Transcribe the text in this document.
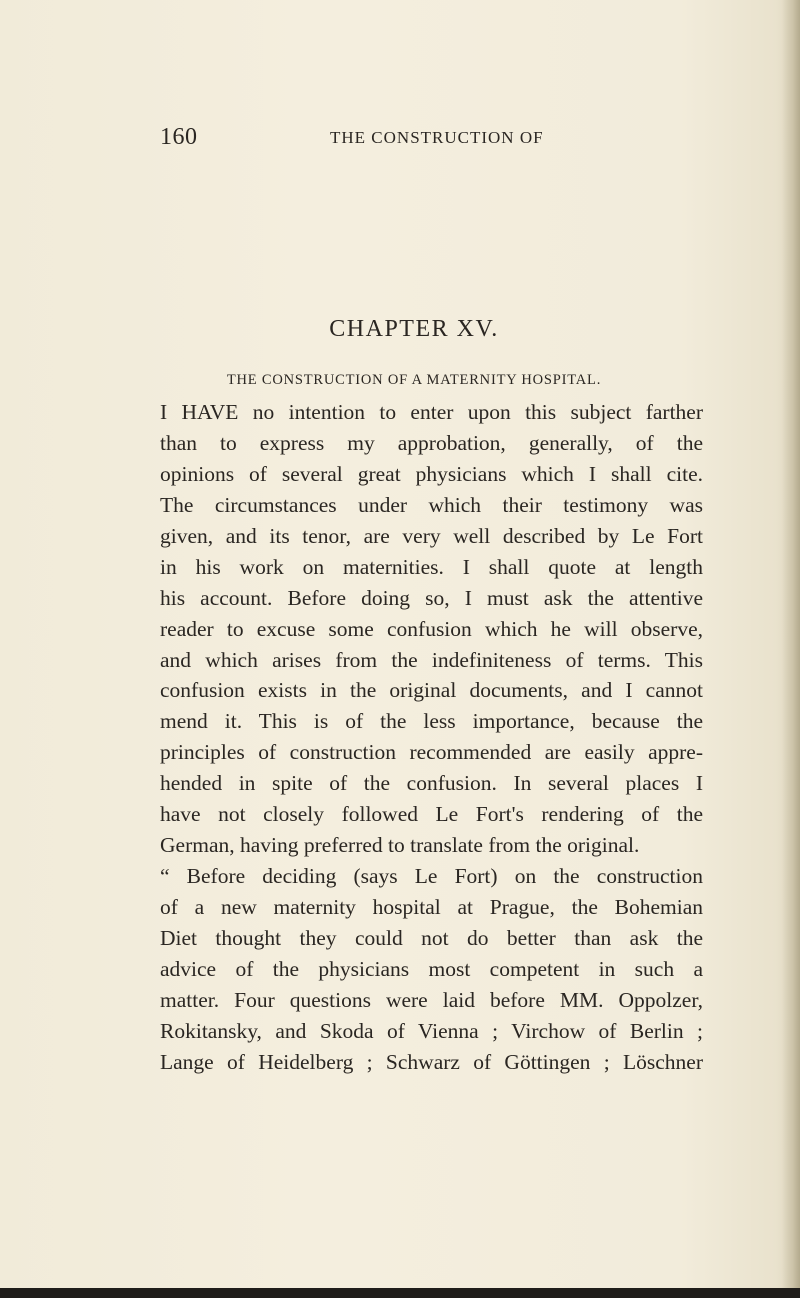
160	THE CONSTRUCTION OF
CHAPTER XV.
THE CONSTRUCTION OF A MATERNITY HOSPITAL.
I HAVE no intention to enter upon this subject farther
than to express my approbation, generally, of the
opinions of several great physicians which I shall cite.
The circumstances under which their testimony was
given, and its tenor, are very well described by Le Fort
in his work on maternities. I shall quote at length
his account. Before doing so, I must ask the attentive
reader to excuse some confusion which he will observe,
and which arises from the indefiniteness of terms. This
confusion exists in the original documents, and I cannot
mend it. This is of the less importance, because the
principles of construction recommended are easily appre-
hended in spite of the confusion. In several places I
have not closely followed Le Fort's rendering of the
German, having preferred to translate from the original.
“ Before deciding (says Le Fort) on the construction
of a new maternity hospital at Prague, the Bohemian
Diet thought they could not do better than ask the
advice of the physicians most competent in such a
matter. Four questions were laid before MM. Oppolzer,
Rokitansky, and Skoda of Vienna ; Virchow of Berlin ;
Lange of Heidelberg ; Schwarz of Göttingen ; Löschner
